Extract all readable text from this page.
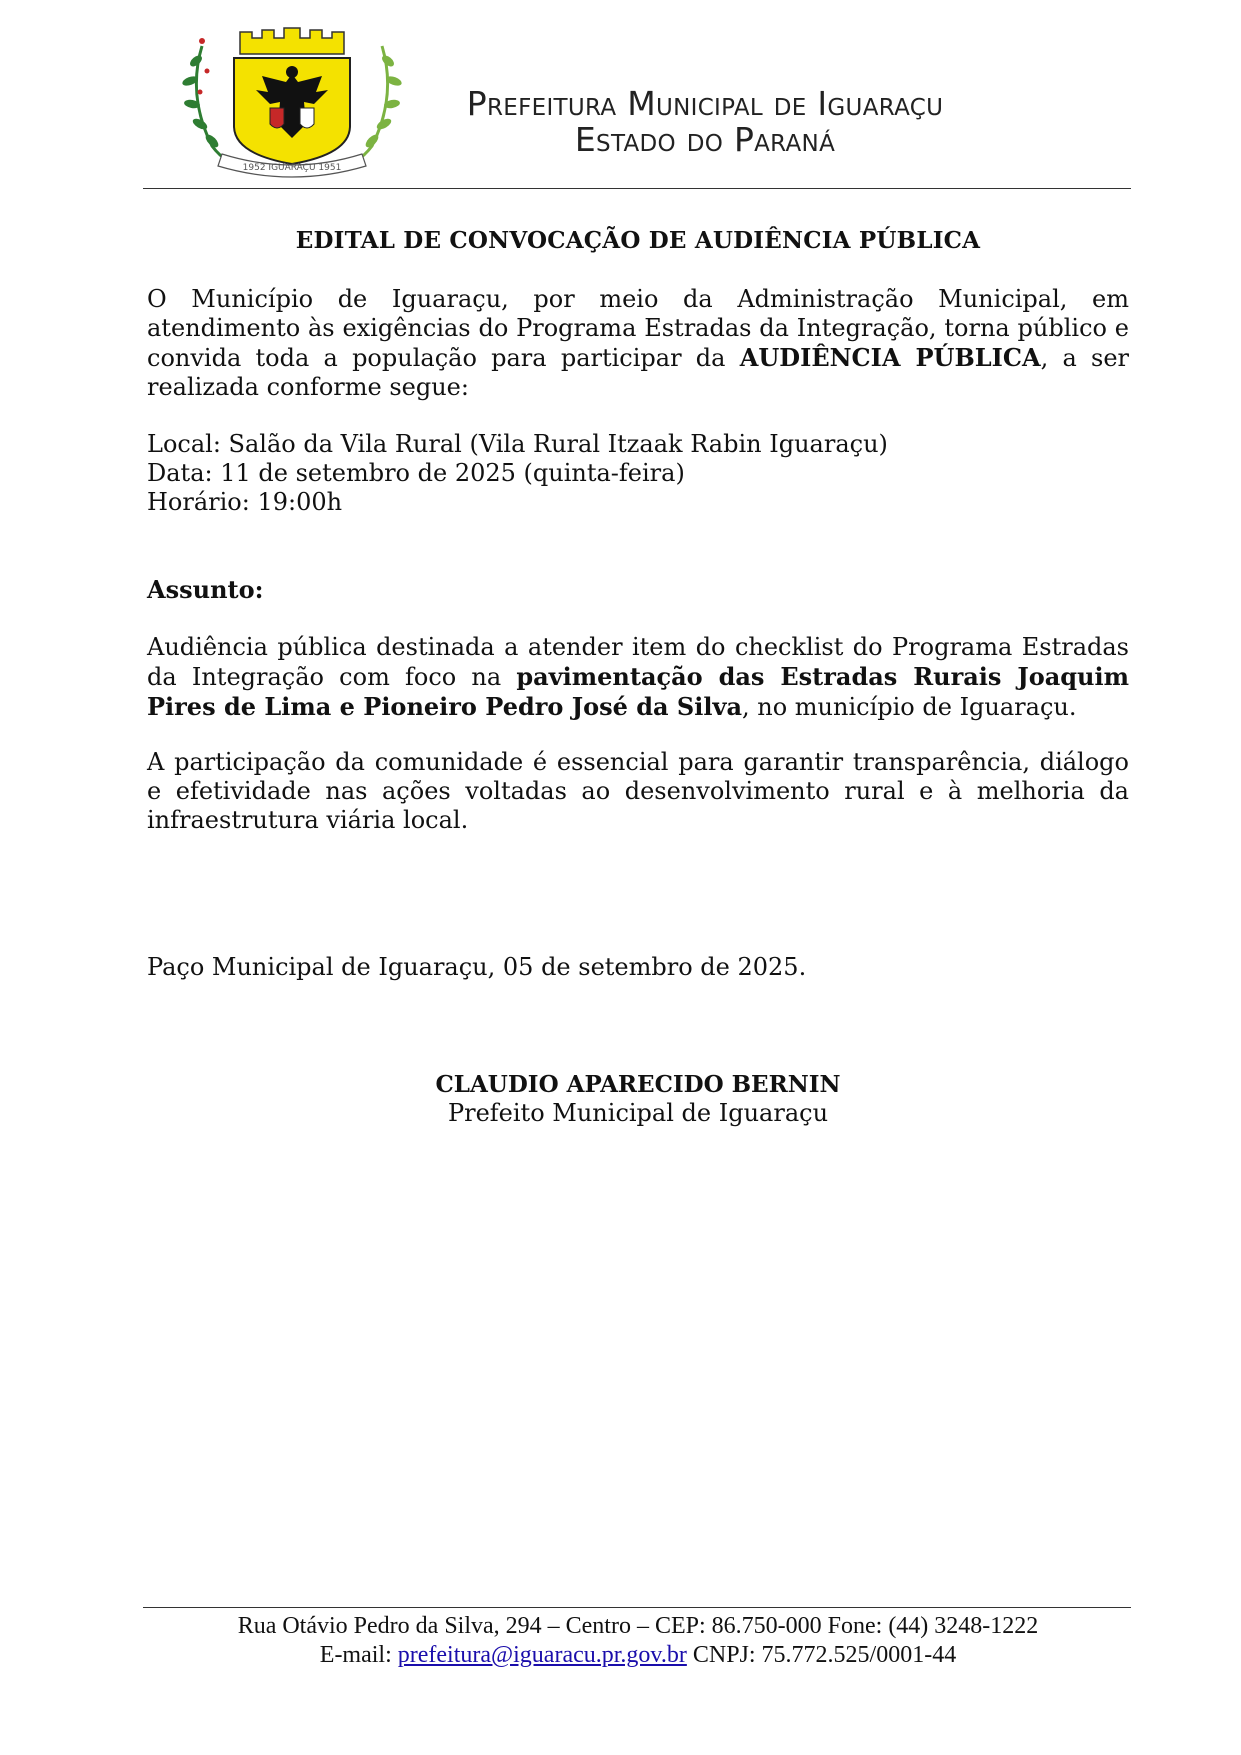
1952 IGUARAÇU 1951
Prefeitura Municipal de Iguaraçu
Estado do Paraná
EDITAL DE CONVOCAÇÃO DE AUDIÊNCIA PÚBLICA
O Município de Iguaraçu, por meio da Administração Municipal, em atendimento às exigências do Programa Estradas da Integração, torna público e convida toda a população para participar da AUDIÊNCIA PÚBLICA, a ser realizada conforme segue:
Local: Salão da Vila Rural (Vila Rural Itzaak Rabin Iguaraçu)
Data: 11 de setembro de 2025 (quinta-feira)
Horário: 19:00h
Assunto:
Audiência pública destinada a atender item do checklist do Programa Estradas da Integração com foco na pavimentação das Estradas Rurais Joaquim Pires de Lima e Pioneiro Pedro José da Silva, no município de Iguaraçu.
A participação da comunidade é essencial para garantir transparência, diálogo e efetividade nas ações voltadas ao desenvolvimento rural e à melhoria da infraestrutura viária local.
Paço Municipal de Iguaraçu, 05 de setembro de 2025.
CLAUDIO APARECIDO BERNIN
Prefeito Municipal de Iguaraçu
Rua Otávio Pedro da Silva, 294 – Centro – CEP: 86.750-000 Fone: (44) 3248-1222
E-mail: prefeitura@iguaracu.pr.gov.br CNPJ: 75.772.525/0001-44
